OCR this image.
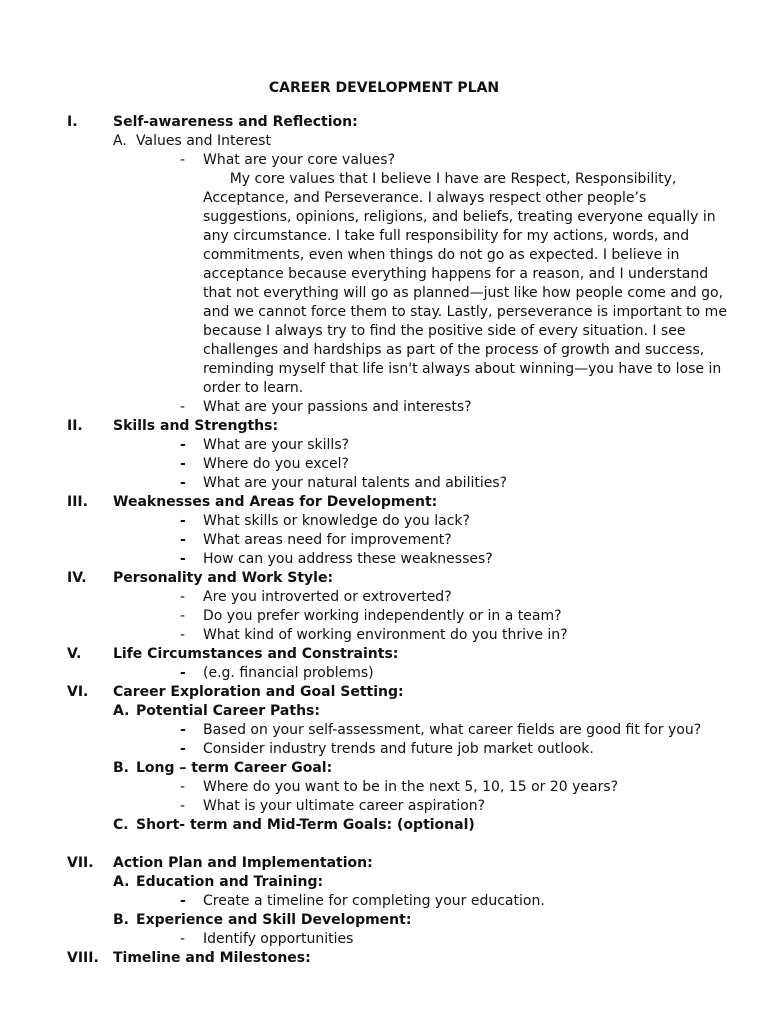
CAREER DEVELOPMENT PLAN
I.	Self-awareness and Reflection:
A. Values and Interest
- What are your core values?

My core values that I believe I have are Respect, Responsibility,

Acceptance, and Perseverance. I always respect other people’s

suggestions, opinions, religions, and beliefs, treating everyone equally in

any circumstance. I take full responsibility for my actions, words, and

commitments, even when things do not go as expected. I believe in

acceptance because everything happens for a reason, and I understand

that not everything will go as planned—just like how people come and go,

and we cannot force them to stay. Lastly, perseverance is important to me

because I always try to find the positive side of every situation. I see

challenges and hardships as part of the process of growth and success,

reminding myself that life isn't always about winning—you have to lose in

order to learn.

- What are your passions and interests?
II. Skills and Strengths:
- What are your skills?
- Where do you excel?
- What are your natural talents and abilities?
III. Weaknesses and Areas for Development:
- What skills or knowledge do you lack?
- What areas need for improvement?
- How can you address these weaknesses?
IV. Personality and Work Style:
- Are you introverted or extroverted?
- Do you prefer working independently or in a team?
- What kind of working environment do you thrive in?
V. Life Circumstances and Constraints:
- (e.g. financial problems)
VI. Career Exploration and Goal Setting:
A. Potential Career Paths:
- Based on your self-assessment, what career fields are good fit for you?
- Consider industry trends and future job market outlook.
B. Long – term Career Goal:
- Where do you want to be in the next 5, 10, 15 or 20 years?
- What is your ultimate career aspiration?
C. Short- term and Mid-Term Goals: (optional)
VII. Action Plan and Implementation:
A. Education and Training:
- Create a timeline for completing your education.
B. Experience and Skill Development:
- Identify opportunities
VIII. Timeline and Milestones:
